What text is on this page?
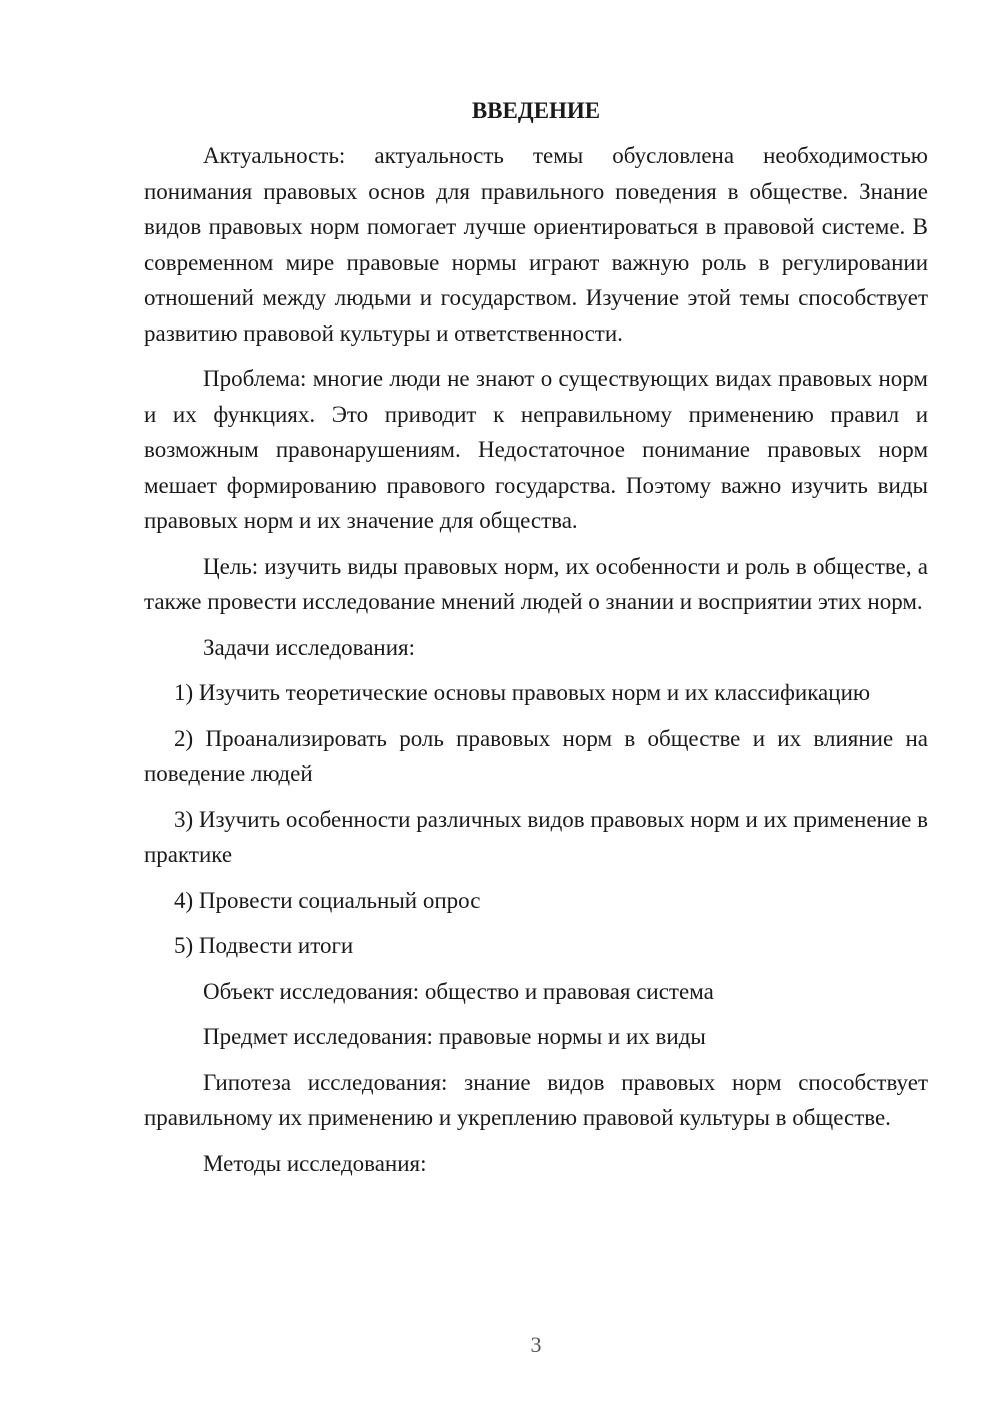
ВВЕДЕНИЕ

Актуальность: актуальность темы обусловлена необходимостью понимания правовых основ для правильного поведения в обществе. Знание видов правовых норм помогает лучше ориентироваться в правовой системе. В современном мире правовые нормы играют важную роль в регулировании отношений между людьми и государством. Изучение этой темы способствует развитию правовой культуры и ответственности.

Проблема: многие люди не знают о существующих видах правовых норм и их функциях. Это приводит к неправильному применению правил и возможным правонарушениям. Недостаточное понимание правовых норм мешает формированию правового государства. Поэтому важно изучить виды правовых норм и их значение для общества.

Цель: изучить виды правовых норм, их особенности и роль в обществе, а также провести исследование мнений людей о знании и восприятии этих норм.

Задачи исследования:

1) Изучить теоретические основы правовых норм и их классификацию

2) Проанализировать роль правовых норм в обществе и их влияние на поведение людей

3) Изучить особенности различных видов правовых норм и их применение в практике

4) Провести социальный опрос

5) Подвести итоги

Объект исследования: общество и правовая система

Предмет исследования: правовые нормы и их виды

Гипотеза исследования: знание видов правовых норм способствует правильному их применению и укреплению правовой культуры в обществе.

Методы исследования:

3
